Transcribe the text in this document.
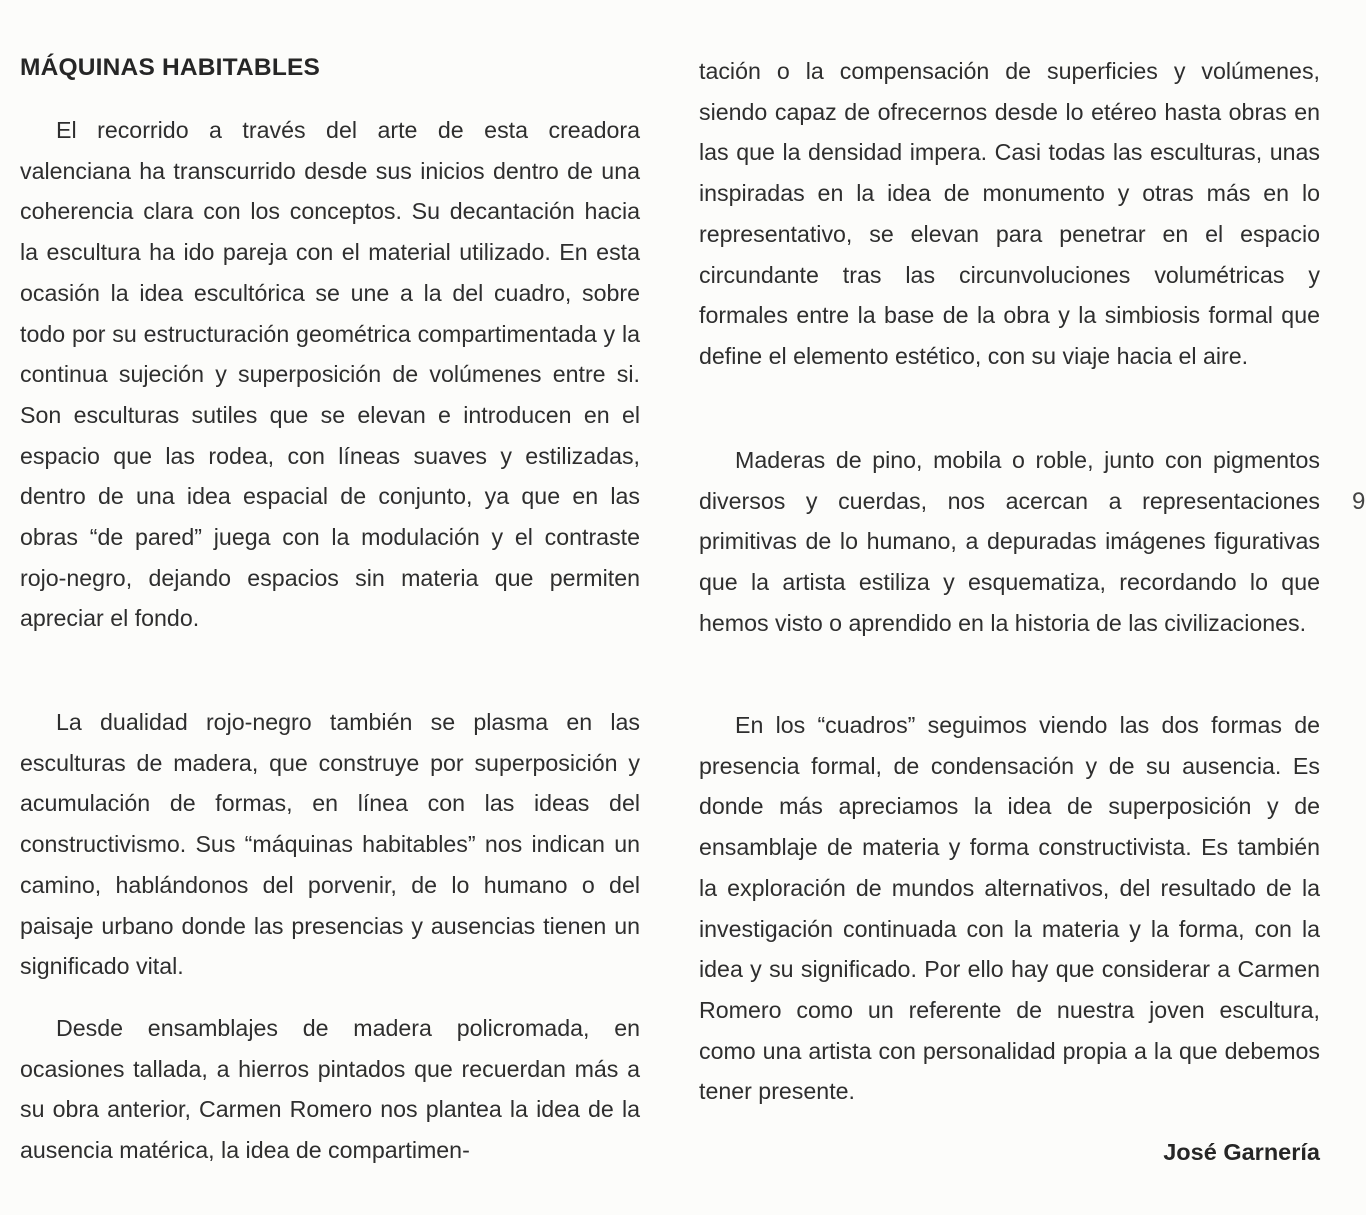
MÁQUINAS HABITABLES

El recorrido a través del arte de esta creadora valenciana ha transcurrido desde sus inicios dentro de una coherencia clara con los conceptos. Su decantación hacia la escultura ha ido pareja con el material utilizado. En esta ocasión la idea escultórica se une a la del cuadro, sobre todo por su estructuración geométrica compartimentada y la continua sujeción y superposición de volúmenes entre si. Son esculturas sutiles que se elevan e introducen en el espacio que las rodea, con líneas suaves y estilizadas, dentro de una idea espacial de conjunto, ya que en las obras “de pared” juega con la modulación y el contraste rojo-negro, dejando espacios sin materia que permiten apreciar el fondo.

La dualidad rojo-negro también se plasma en las esculturas de madera, que construye por superposición y acumulación de formas, en línea con las ideas del constructivismo. Sus “máquinas habitables” nos indican un camino, hablándonos del porvenir, de lo humano o del paisaje urbano donde las presencias y ausencias tienen un significado vital.

Desde ensamblajes de madera policromada, en ocasiones tallada, a hierros pintados que recuerdan más a su obra anterior, Carmen Romero nos plantea la idea de la ausencia matérica, la idea de compartimen-

tación o la compensación de superficies y volúmenes, siendo capaz de ofrecernos desde lo etéreo hasta obras en las que la densidad impera. Casi todas las esculturas, unas inspiradas en la idea de monumento y otras más en lo representativo, se elevan para penetrar en el espacio circundante tras las circunvoluciones volumétricas y formales entre la base de la obra y la simbiosis formal que define el elemento estético, con su viaje hacia el aire.

Maderas de pino, mobila o roble, junto con pigmentos diversos y cuerdas, nos acercan a representaciones primitivas de lo humano, a depuradas imágenes figurativas que la artista estiliza y esquematiza, recordando lo que hemos visto o aprendido en la historia de las civilizaciones.

En los “cuadros” seguimos viendo las dos formas de presencia formal, de condensación y de su ausencia. Es donde más apreciamos la idea de superposición y de ensamblaje de materia y forma constructivista. Es también la exploración de mundos alternativos, del resultado de la investigación continuada con la materia y la forma, con la idea y su significado. Por ello hay que considerar a Carmen Romero como un referente de nuestra joven escultura, como una artista con personalidad propia a la que debemos tener presente.

José Garnería

9
